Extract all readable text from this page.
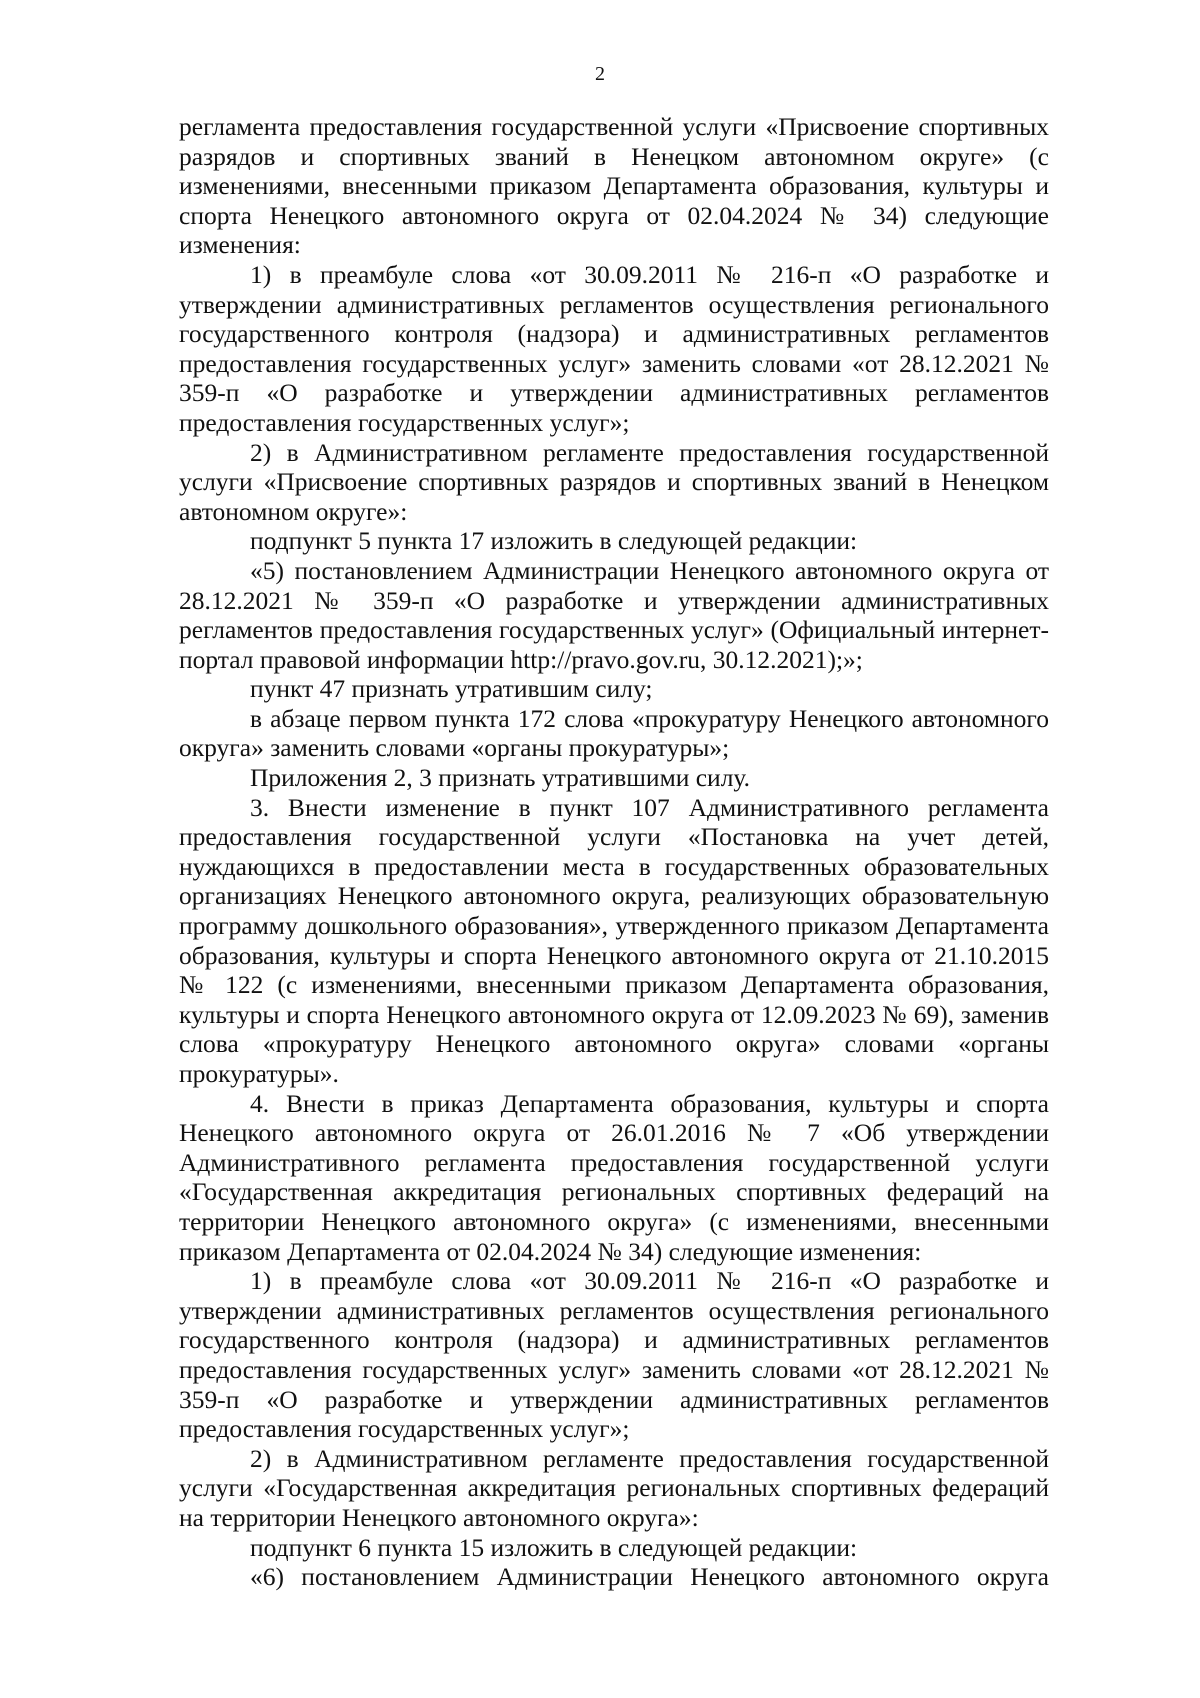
2

регламента предоставления государственной услуги «Присвоение спортивных разрядов и спортивных званий в Ненецком автономном округе» (с изменениями, внесенными приказом Департамента образования, культуры и спорта Ненецкого автономного округа от 02.04.2024 № 34) следующие изменения:

1) в преамбуле слова «от 30.09.2011 № 216-п «О разработке и утверждении административных регламентов осуществления регионального государственного контроля (надзора) и административных регламентов предоставления государственных услуг» заменить словами «от 28.12.2021 № 359-п «О разработке и утверждении административных регламентов предоставления государственных услуг»;

2) в Административном регламенте предоставления государственной услуги «Присвоение спортивных разрядов и спортивных званий в Ненецком автономном округе»:

подпункт 5 пункта 17 изложить в следующей редакции:

«5) постановлением Администрации Ненецкого автономного округа от 28.12.2021 № 359-п «О разработке и утверждении административных регламентов предоставления государственных услуг» (Официальный интернет-портал правовой информации http://pravo.gov.ru, 30.12.2021);»;

пункт 47 признать утратившим силу;

в абзаце первом пункта 172 слова «прокуратуру Ненецкого автономного округа» заменить словами «органы прокуратуры»;

Приложения 2, 3 признать утратившими силу.

3. Внести изменение в пункт 107 Административного регламента предоставления государственной услуги «Постановка на учет детей, нуждающихся в предоставлении места в государственных образовательных организациях Ненецкого автономного округа, реализующих образовательную программу дошкольного образования», утвержденного приказом Департамента образования, культуры и спорта Ненецкого автономного округа от 21.10.2015 № 122 (с изменениями, внесенными приказом Департамента образования, культуры и спорта Ненецкого автономного округа от 12.09.2023 № 69), заменив слова «прокуратуру Ненецкого автономного округа» словами «органы прокуратуры».

4. Внести в приказ Департамента образования, культуры и спорта Ненецкого автономного округа от 26.01.2016 № 7 «Об утверждении Административного регламента предоставления государственной услуги «Государственная аккредитация региональных спортивных федераций на территории Ненецкого автономного округа» (с изменениями, внесенными приказом Департамента от 02.04.2024 № 34) следующие изменения:

1) в преамбуле слова «от 30.09.2011 № 216-п «О разработке и утверждении административных регламентов осуществления регионального государственного контроля (надзора) и административных регламентов предоставления государственных услуг» заменить словами «от 28.12.2021 № 359-п «О разработке и утверждении административных регламентов предоставления государственных услуг»;

2) в Административном регламенте предоставления государственной услуги «Государственная аккредитация региональных спортивных федераций на территории Ненецкого автономного округа»:

подпункт 6 пункта 15 изложить в следующей редакции:

«6) постановлением Администрации Ненецкого автономного округа
